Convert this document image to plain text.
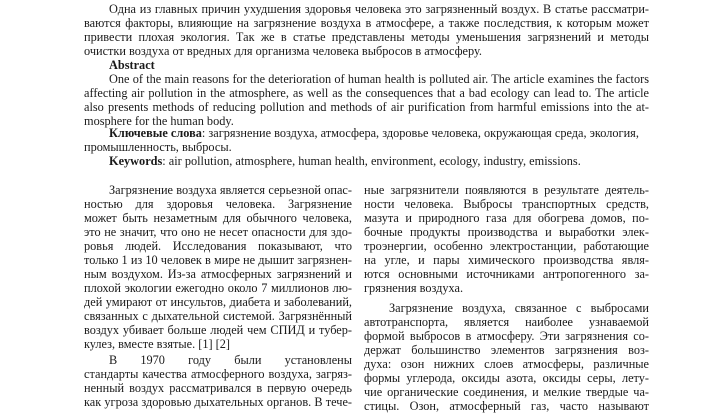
Одна из главных причин ухудшения здоровья человека это загрязненный воздух. В статье рассматри-
ваются факторы, влияющие на загрязнение воздуха в атмосфере, а также последствия, к которым может
привести плохая экология. Так же в статье представлены методы уменьшения загрязнений и методы
очистки воздуха от вредных для организма человека выбросов в атмосферу.
Abstract
One of the main reasons for the deterioration of human health is polluted air. The article examines the factors
affecting air pollution in the atmosphere, as well as the consequences that a bad ecology can lead to. The article
also presents methods of reducing pollution and methods of air purification from harmful emissions into the at-
mosphere for the human body.
Ключевые слова: загрязнение воздуха, атмосфера, здоровье человека, окружающая среда, экология,
промышленность, выбросы.
Keywords: air pollution, atmosphere, human health, environment, ecology, industry, emissions.
Загрязнение воздуха является серьезной опас-
ностью для здоровья человека. Загрязнение
может быть незаметным для обычного человека,
это не значит, что оно не несет опасности для здо-
ровья людей. Исследования показывают, что
только 1 из 10 человек в мире не дышит загрязнен-
ным воздухом. Из-за атмосферных загрязнений и
плохой экологии ежегодно около 7 миллионов лю-
дей умирают от инсультов, диабета и заболеваний,
связанных с дыхательной системой. Загрязнённый
воздух убивает больше людей чем СПИД и тубер-
кулез, вместе взятые. [1] [2]
В 1970 году были установлены
стандарты качества атмосферного воздуха, загряз-
ненный воздух рассматривался в первую очередь
как угроза здоровью дыхательных органов. В тече-
ные загрязнители появляются в результате деятель-
ности человека. Выбросы транспортных средств,
мазута и природного газа для обогрева домов, по-
бочные продукты производства и выработки элек-
троэнергии, особенно электростанции, работающие
на угле, и пары химического производства явля-
ются основными источниками антропогенного за-
грязнения воздуха.
Загрязнение воздуха, связанное с выбросами
автотранспорта, является наиболее узнаваемой
формой выбросов в атмосферу. Эти загрязнения со-
держат большинство элементов загрязнения воз-
духа: озон нижних слоев атмосферы, различные
формы углерода, оксиды азота, оксиды серы, лету-
чие органические соединения, и мелкие твердые ча-
стицы. Озон, атмосферный газ, часто называют
